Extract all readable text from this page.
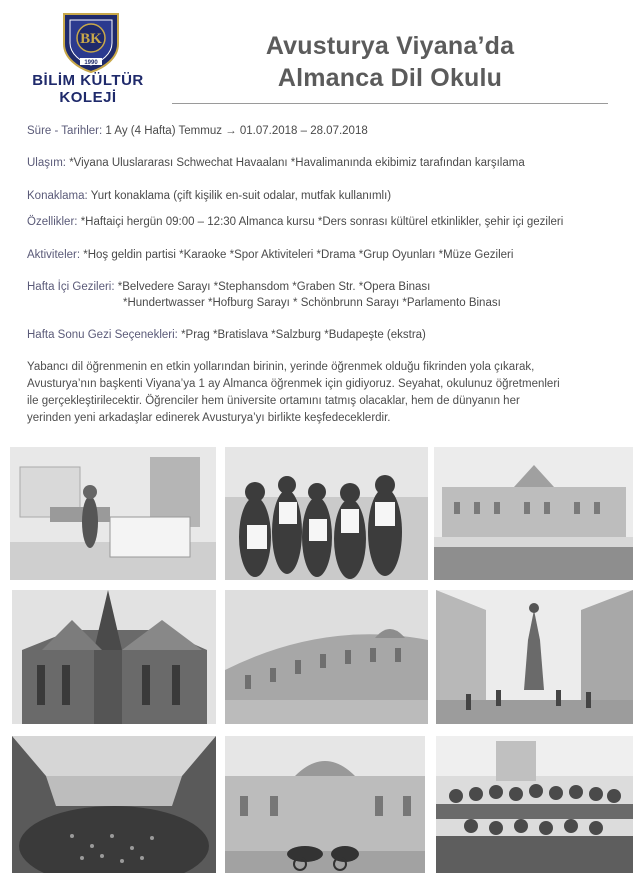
BK
1990
BİLİM KÜLTÜR
KOLEJİ
Avusturya Viyana’da
Almanca Dil Okulu
Süre - Tarihler: 1 Ay (4 Hafta) Temmuz → 01.07.2018 – 28.07.2018
Ulaşım: *Viyana Uluslararası Schwechat Havaalanı *Havalimanında ekibimiz tarafından karşılama
Konaklama: Yurt konaklama (çift kişilik en-suit odalar, mutfak kullanımlı)
Özellikler: *Haftaiçi hergün 09:00 – 12:30 Almanca kursu *Ders sonrası kültürel etkinlikler, şehir içi gezileri
Aktiviteler: *Hoş geldin partisi *Karaoke *Spor Aktiviteleri *Drama *Grup Oyunları *Müze Gezileri
Hafta İçi Gezileri: *Belvedere Sarayı *Stephansdom *Graben Str. *Opera Binası
*Hundertwasser *Hofburg Sarayı * Schönbrunn Sarayı *Parlamento Binası
Hafta Sonu Gezi Seçenekleri: *Prag *Bratislava *Salzburg *Budapeşte (ekstra)
Yabancı dil öğrenmenin en etkin yollarından birinin, yerinde öğrenmek olduğu fikrinden yola çıkarak,
Avusturya’nın başkenti Viyana’ya 1 ay Almanca öğrenmek için gidiyoruz. Seyahat, okulunuz öğretmenleri
ile gerçekleştirilecektir. Öğrenciler hem üniversite ortamını tatmış olacaklar, hem de dünyanın her
yerinden yeni arkadaşlar edinerek Avusturya’yı birlikte keşfedeceklerdir.
